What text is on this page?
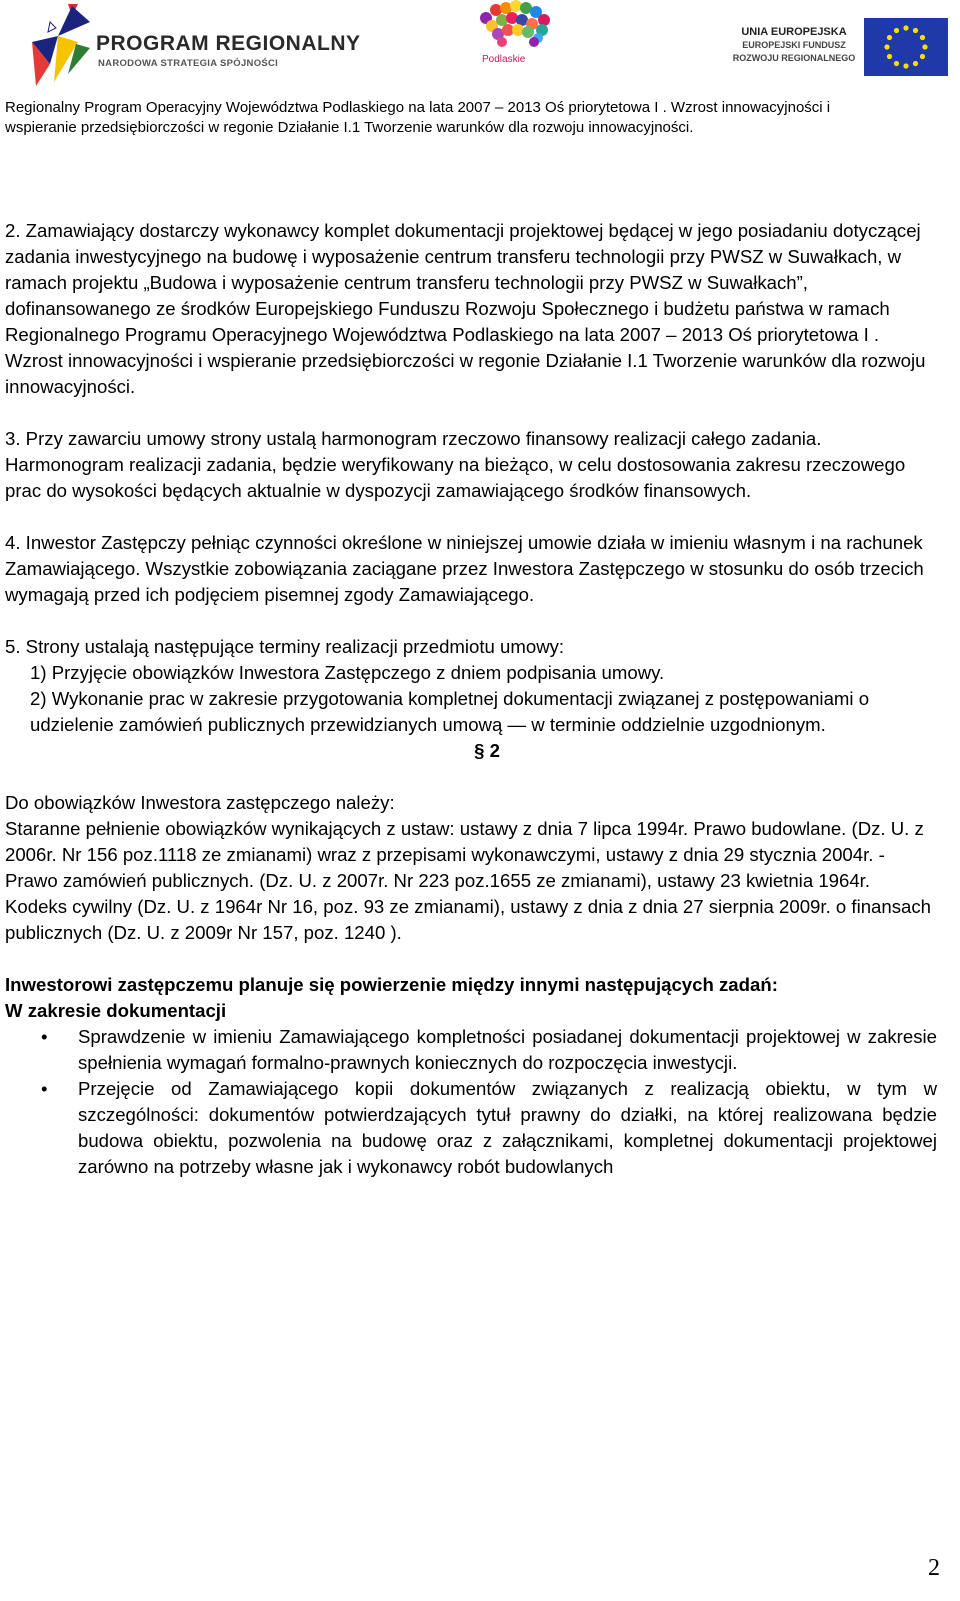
PROGRAM REGIONALNY
NARODOWA STRATEGIA SPÓJNOŚCI	Podlaskie
UNIA EUROPEJSKA
EUROPEJSKI FUNDUSZ
ROZWOJU REGIONALNEGO
Regionalny Program Operacyjny Województwa Podlaskiego na lata 2007 – 2013 Oś priorytetowa I . Wzrost innowacyjności i
wspieranie przedsiębiorczości w regonie Działanie I.1 Tworzenie warunków dla rozwoju innowacyjności.

2. Zamawiający dostarczy wykonawcy komplet dokumentacji projektowej będącej w jego posiadaniu dotyczącej zadania inwestycyjnego na budowę i wyposażenie centrum transferu technologii przy PWSZ w Suwałkach, w ramach projektu „Budowa i wyposażenie centrum transferu technologii przy PWSZ w Suwałkach”, dofinansowanego ze środków Europejskiego Funduszu Rozwoju Społecznego i budżetu państwa w ramach Regionalnego Programu Operacyjnego Województwa Podlaskiego na lata 2007 – 2013 Oś priorytetowa I . Wzrost innowacyjności i wspieranie przedsiębiorczości w regonie Działanie I.1 Tworzenie warunków dla rozwoju innowacyjności.

3. Przy zawarciu umowy strony ustalą harmonogram rzeczowo finansowy realizacji całego zadania. Harmonogram realizacji zadania, będzie weryfikowany na bieżąco, w celu dostosowania zakresu rzeczowego prac do wysokości będących aktualnie w dyspozycji zamawiającego środków finansowych.

4. Inwestor Zastępczy pełniąc czynności określone w niniejszej umowie działa w imieniu własnym i na rachunek Zamawiającego. Wszystkie zobowiązania zaciągane przez Inwestora Zastępczego w stosunku do osób trzecich wymagają przed ich podjęciem pisemnej zgody Zamawiającego.

5. Strony ustalają następujące terminy realizacji przedmiotu umowy:

1) Przyjęcie obowiązków Inwestora Zastępczego z dniem podpisania umowy.

2) Wykonanie prac w zakresie przygotowania kompletnej dokumentacji związanej z postępowaniami o udzielenie zamówień publicznych przewidzianych umową — w terminie oddzielnie uzgodnionym.

§ 2

Do obowiązków Inwestora zastępczego należy:

Staranne pełnienie obowiązków wynikających z ustaw: ustawy z dnia 7 lipca 1994r. Prawo budowlane. (Dz. U. z 2006r. Nr 156 poz.1118 ze zmianami) wraz z przepisami wykonawczymi, ustawy z dnia 29 stycznia 2004r. - Prawo zamówień publicznych. (Dz. U. z 2007r. Nr 223 poz.1655 ze zmianami), ustawy 23 kwietnia 1964r. Kodeks cywilny (Dz. U. z 1964r Nr 16, poz. 93 ze zmianami), ustawy z dnia z dnia 27 sierpnia 2009r. o finansach publicznych (Dz. U. z 2009r Nr 157, poz. 1240 ).

Inwestorowi zastępczemu planuje się powierzenie między innymi następujących zadań:

W zakresie dokumentacji

• Sprawdzenie w imieniu Zamawiającego kompletności posiadanej dokumentacji projektowej w zakresie spełnienia wymagań formalno-prawnych koniecznych do rozpoczęcia inwestycji.
• Przejęcie od Zamawiającego kopii dokumentów związanych z realizacją obiektu, w tym w szczególności: dokumentów potwierdzających tytuł prawny do działki, na której realizowana będzie budowa obiektu, pozwolenia na budowę oraz z załącznikami, kompletnej dokumentacji projektowej zarówno na potrzeby własne jak i wykonawcy robót budowlanych
2
